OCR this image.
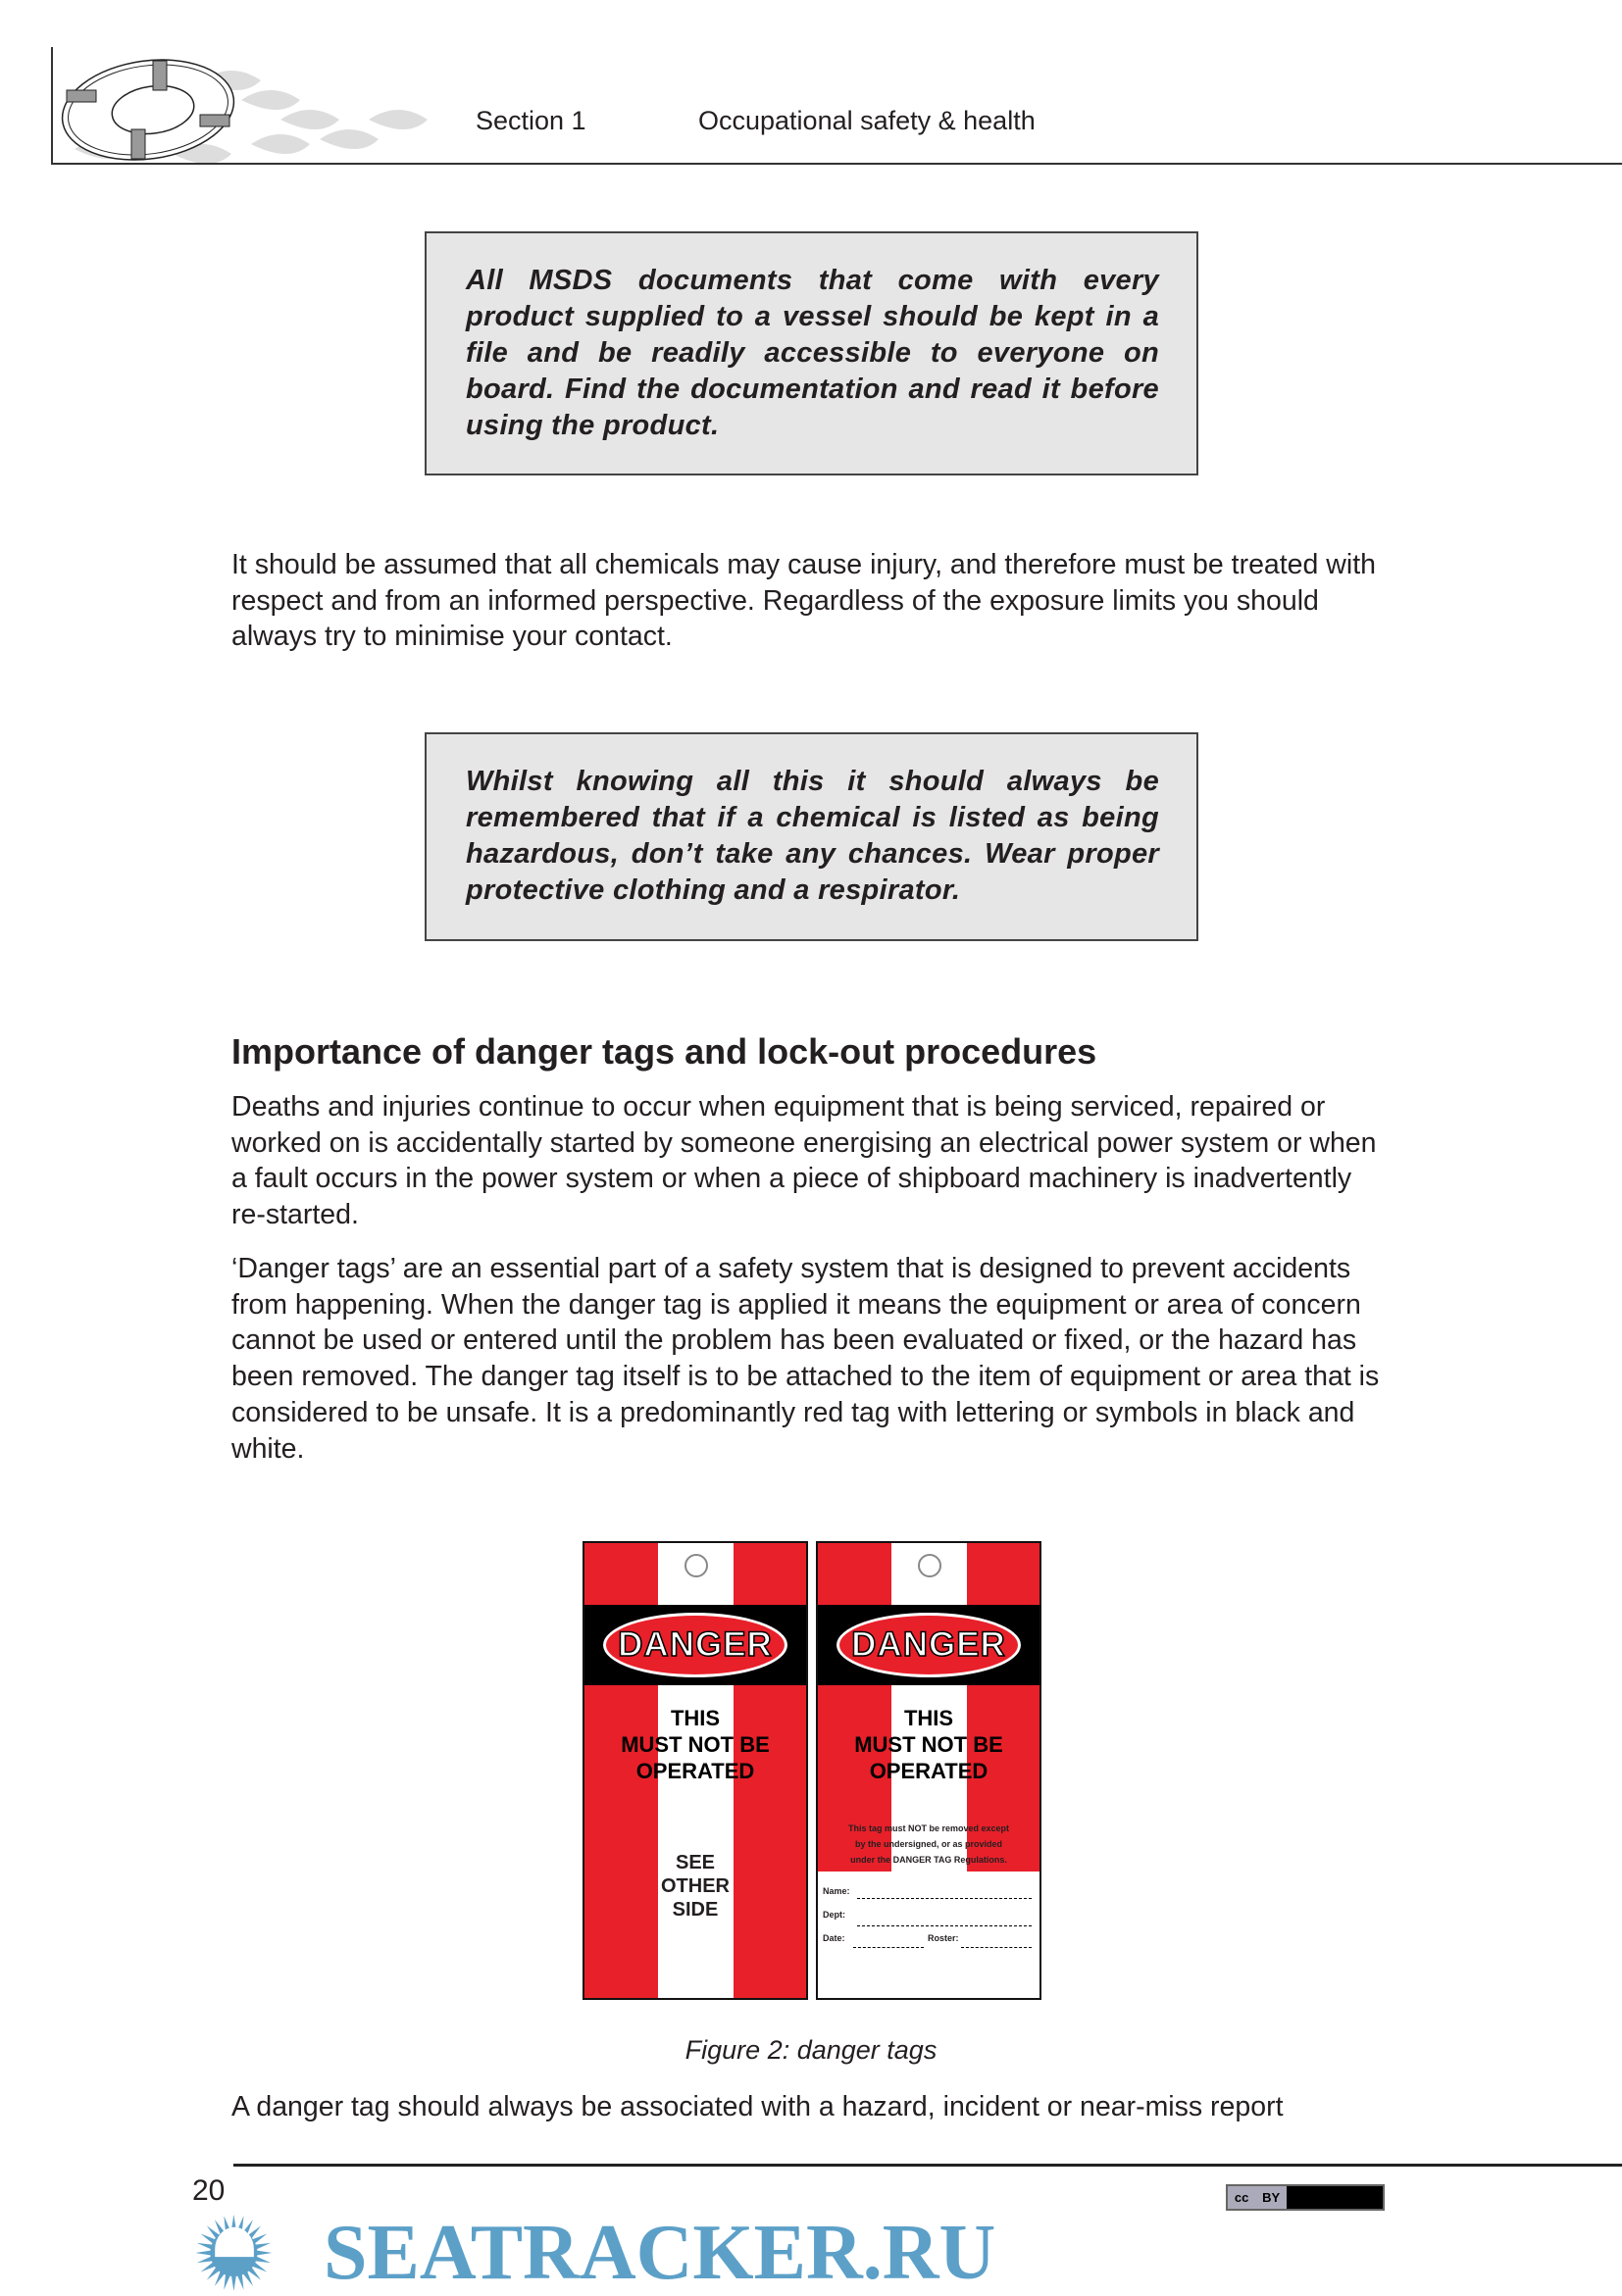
Section 1	Occupational safety & health
All MSDS documents that come with every product supplied to a vessel should be kept in a file and be readily accessible to everyone on board. Find the documentation and read it before using the product.
It should be assumed that all chemicals may cause injury, and therefore must be treated with respect and from an informed perspective. Regardless of the exposure limits you should always try to minimise your contact.
Whilst knowing all this it should always be remembered that if a chemical is listed as being hazardous, don’t take any chances. Wear proper protective clothing and a respirator.
Importance of danger tags and lock-out procedures
Deaths and injuries continue to occur when equipment that is being serviced, repaired or worked on is accidentally started by someone energising an electrical power system or when a fault occurs in the power system or when a piece of shipboard machinery is inadvertently re-started.
‘Danger tags’ are an essential part of a safety system that is designed to prevent accidents from happening. When the danger tag is applied it means the equipment or area of concern cannot be used or entered until the problem has been evaluated or fixed, or the hazard has been removed. The danger tag itself is to be attached to the item of equipment or area that is considered to be unsafe. It is a predominantly red tag with lettering or symbols in black and white.
DANGER
THIS
MUST NOT BE
OPERATED
SEE
OTHER
SIDE
DANGER
THIS
MUST NOT BE
OPERATED
This tag must NOT be removed except
by the undersigned, or as provided
under the DANGER TAG Regulations.
Name:
Dept:
Date:	Roster:
Figure 2: danger tags
A danger tag should always be associated with a hazard, incident or near-miss report
20	cc BY
SEATRACKER.RU
